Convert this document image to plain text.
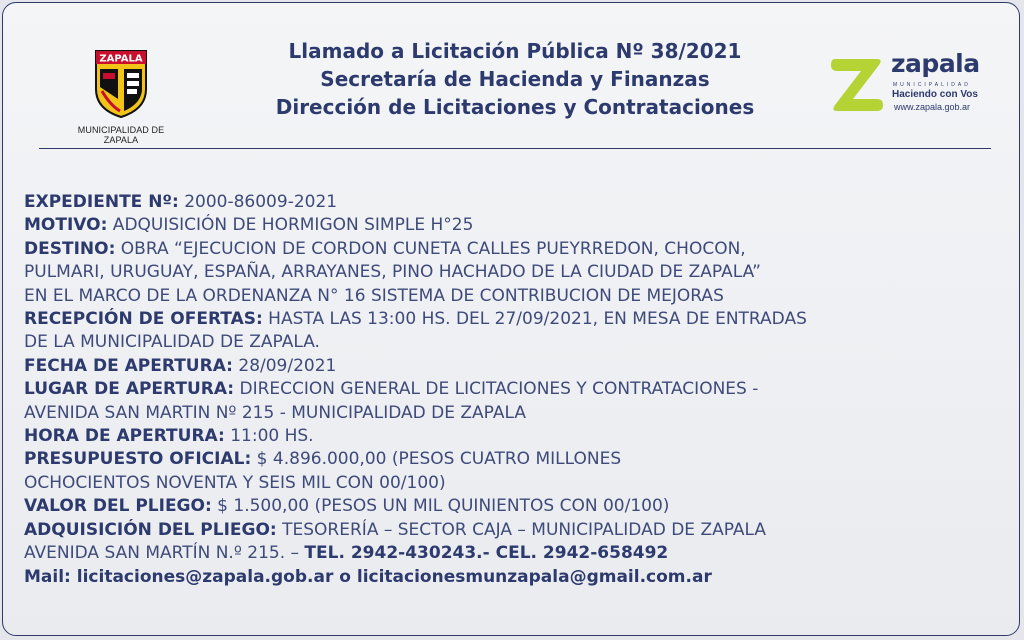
ZAPALA
MUNICIPALIDAD DE ZAPALA
Llamado a Licitación Pública Nº 38/2021
Secretaría de Hacienda y Finanzas
Dirección de Licitaciones y Contrataciones
zapala
MUNICIPALIDAD
Haciendo con Vos
www.zapala.gob.ar

EXPEDIENTE Nº: 2000-86009-2021

MOTIVO: ADQUISICIÓN DE HORMIGON SIMPLE H°25

DESTINO: OBRA “EJECUCION DE CORDON CUNETA CALLES PUEYRREDON, CHOCON,

PULMARI, URUGUAY, ESPAÑA, ARRAYANES, PINO HACHADO DE LA CIUDAD DE ZAPALA”

EN EL MARCO DE LA ORDENANZA N° 16 SISTEMA DE CONTRIBUCION DE MEJORAS

RECEPCIÓN DE OFERTAS: HASTA LAS 13:00 HS. DEL 27/09/2021, EN MESA DE ENTRADAS

DE LA MUNICIPALIDAD DE ZAPALA.

FECHA DE APERTURA: 28/09/2021

LUGAR DE APERTURA: DIRECCION GENERAL DE LICITACIONES Y CONTRATACIONES -

AVENIDA SAN MARTIN Nº 215 - MUNICIPALIDAD DE ZAPALA

HORA DE APERTURA: 11:00 HS.

PRESUPUESTO OFICIAL: $ 4.896.000,00 (PESOS CUATRO MILLONES

OCHOCIENTOS NOVENTA Y SEIS MIL CON 00/100)

VALOR DEL PLIEGO: $ 1.500,00 (PESOS UN MIL QUINIENTOS CON 00/100)

ADQUISICIÓN DEL PLIEGO: TESORERÍA – SECTOR CAJA – MUNICIPALIDAD DE ZAPALA

AVENIDA SAN MARTÍN N.º 215. – TEL. 2942-430243.- CEL. 2942-658492

Mail: licitaciones@zapala.gob.ar o licitacionesmunzapala@gmail.com.ar
